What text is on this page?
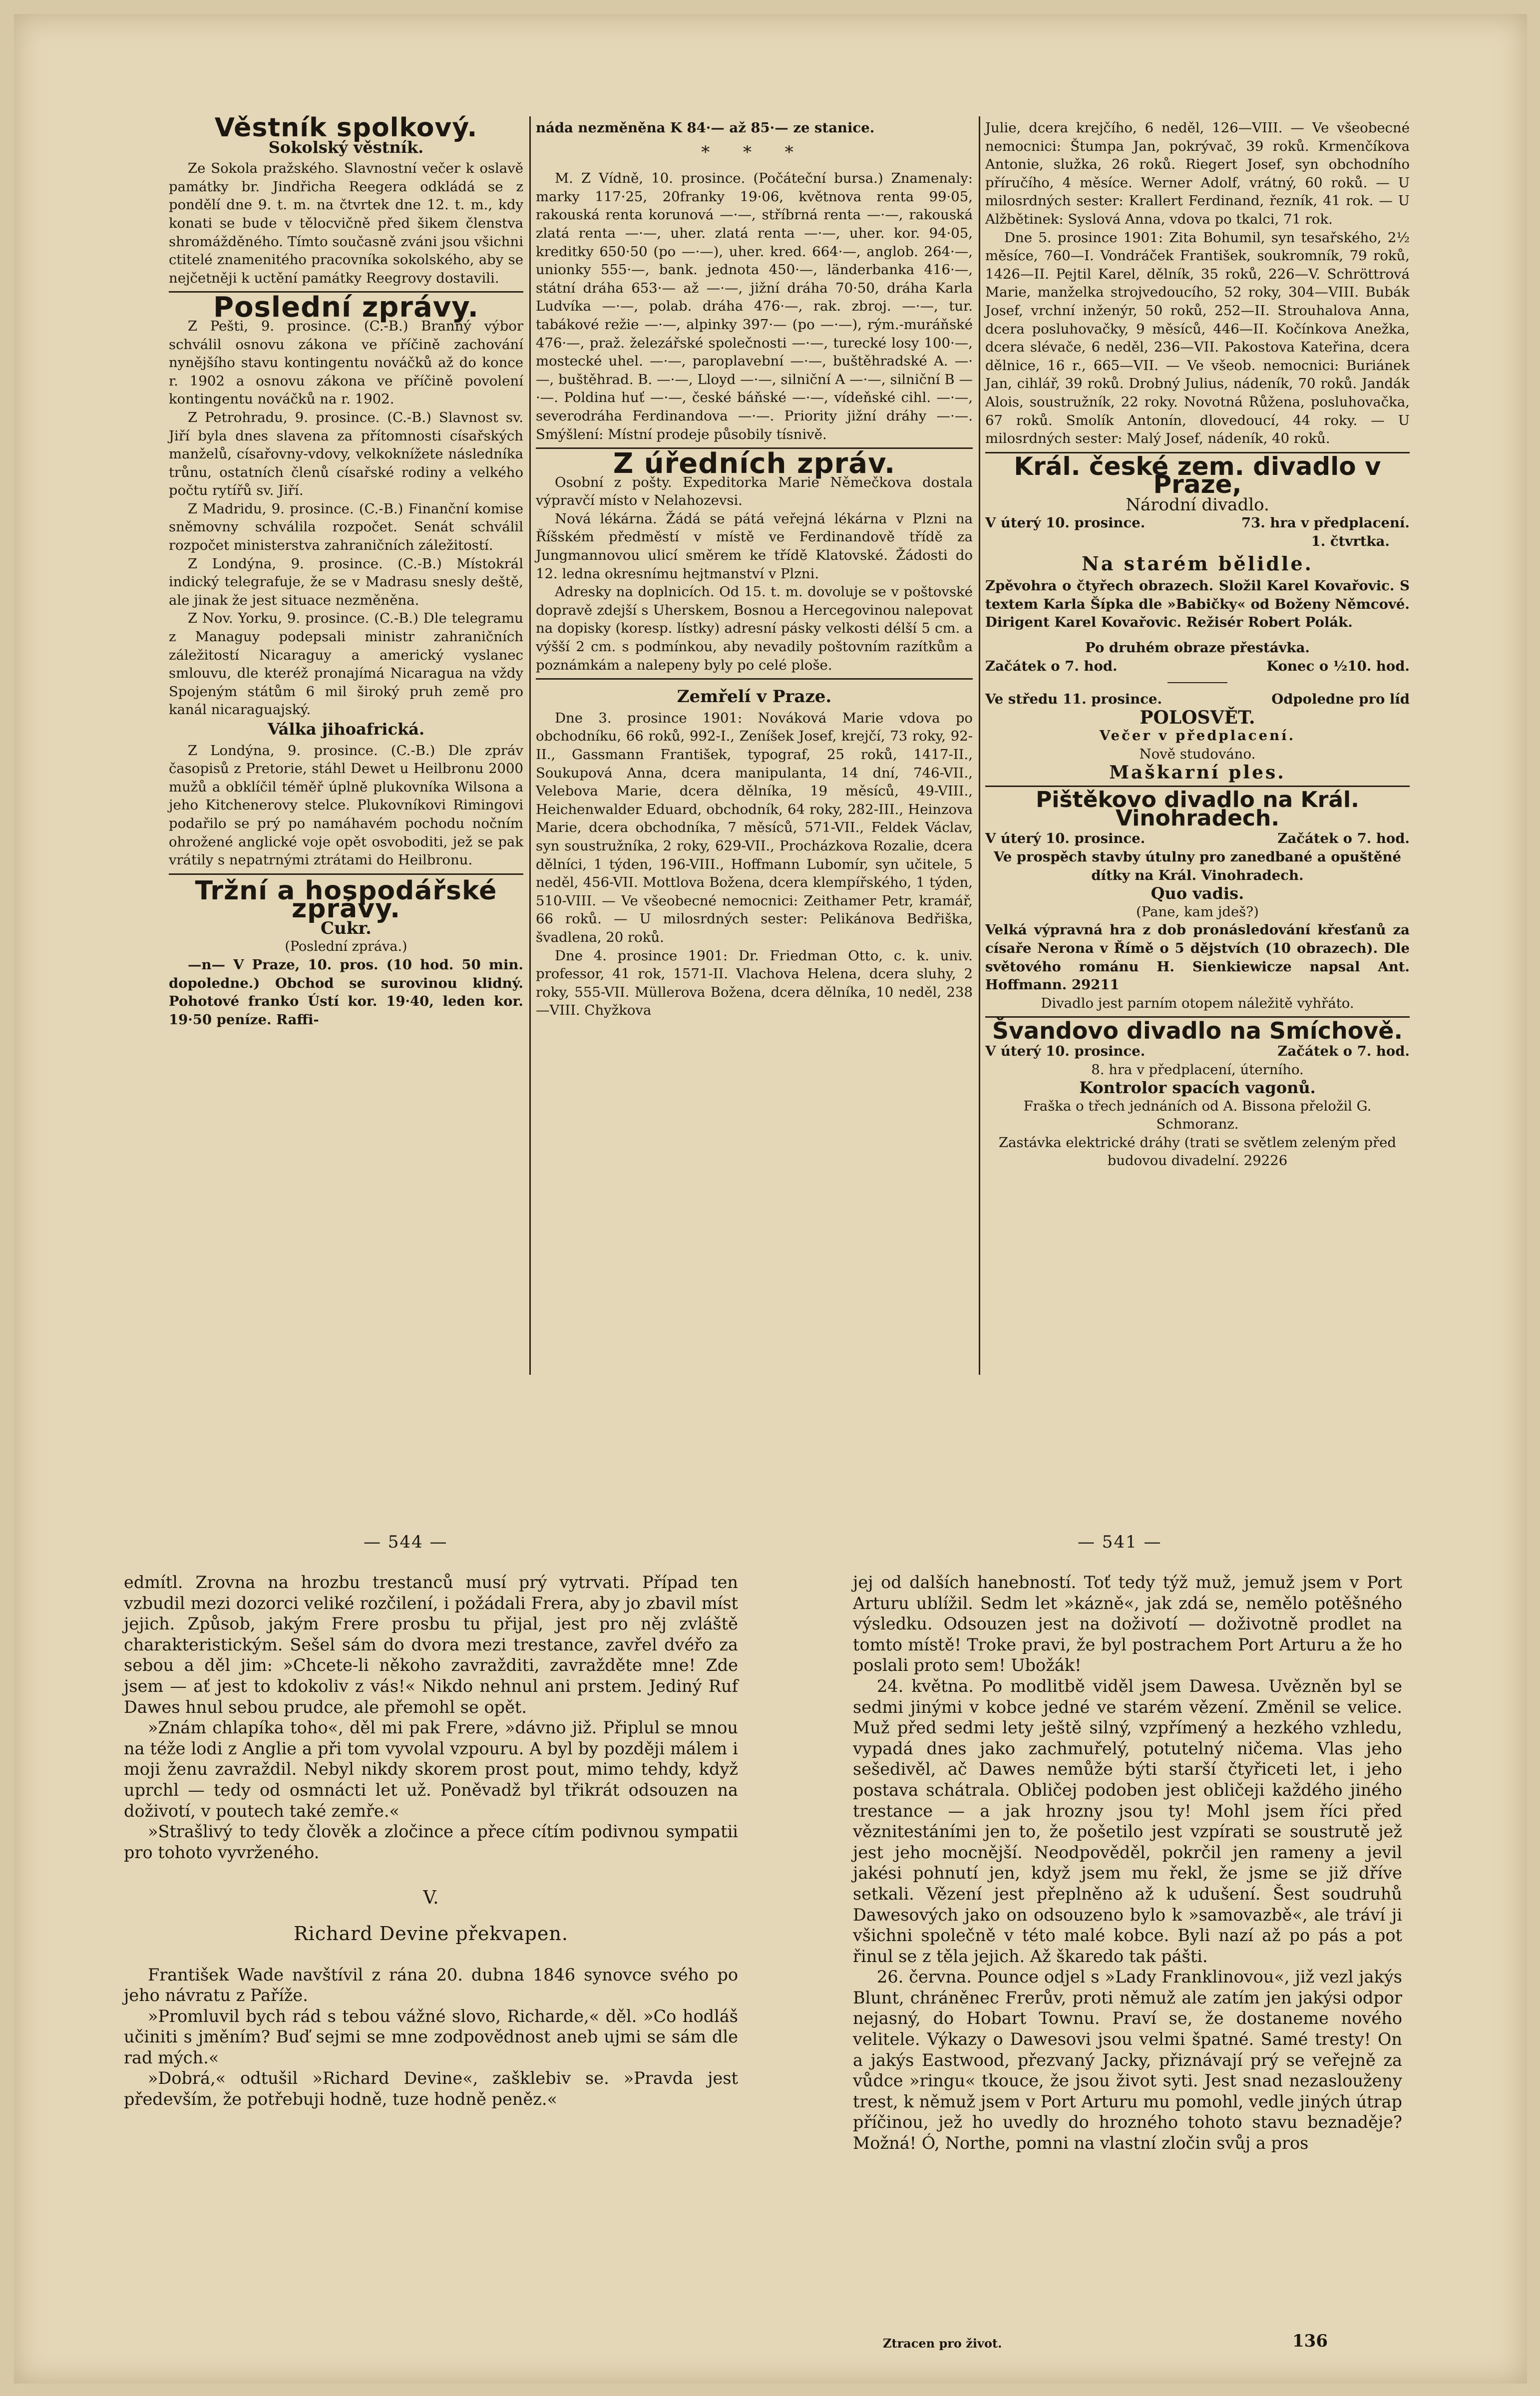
Věstník spolkový.
Sokolský věstník.

Ze Sokola pražského. Slavnostní večer k oslavě památky br. Jindřicha Reegera odkládá se z pondělí dne 9. t. m. na čtvrtek dne 12. t. m., kdy konati se bude v tělocvičně před šikem členstva shromážděného. Tímto současně zváni jsou všichni ctitelé znamenitého pracovníka sokolského, aby se nejčetněji k uctění památky Reegrovy dostavili.

Poslední zprávy.

Z Pešti, 9. prosince. (C.-B.) Branný výbor schválil osnovu zákona ve příčině zachování nynějšího stavu kontingentu nováčků až do konce r. 1902 a osnovu zákona ve příčině povolení kontingentu nováčků na r. 1902.

Z Petrohradu, 9. prosince. (C.-B.) Slavnost sv. Jiří byla dnes slavena za přítomnosti císařských manželů, císařovny-vdovy, velkoknížete následníka trůnu, ostatních členů císařské rodiny a velkého počtu rytířů sv. Jiří.

Z Madridu, 9. prosince. (C.-B.) Finanční komise sněmovny schválila rozpočet. Senát schválil rozpočet ministerstva zahraničních záležitostí.

Z Londýna, 9. prosince. (C.-B.) Místokrál indický telegrafuje, že se v Madrasu snesly deště, ale jinak že jest situace nezměněna.

Z Nov. Yorku, 9. prosince. (C.-B.) Dle telegramu z Managuy podepsali ministr zahraničních záležitostí Nicaraguy a americký vyslanec smlouvu, dle kteréž pronajímá Nicaragua na vždy Spojeným státům 6 mil široký pruh země pro kanál nicaraguajský.

Válka jihoafrická.

Z Londýna, 9. prosince. (C.-B.) Dle zpráv časopisů z Pretorie, stáhl Dewet u Heilbronu 2000 mužů a obklíčil téměř úplně plukovníka Wilsona a jeho Kitchenerovy stelce. Plukovníkovi Rimingovi podařilo se prý po namáhavém pochodu nočním ohrožené anglické voje opět osvoboditi, jež se pak vrátily s nepatrnými ztrátami do Heilbronu.

Tržní a hospodářské zprávy.
Cukr.
(Poslední zpráva.)

—n— V Praze, 10. pros. (10 hod. 50 min. dopoledne.) Obchod se surovinou klidný. Pohotové franko Ústí kor. 19·40, leden kor. 19·50 peníze. Raffi-

náda nezměněna K 84·— až 85·— ze stanice.

* * *

M. Z Vídně, 10. prosince. (Počáteční bursa.) Znamenaly: marky 117·25, 20franky 19·06, květnova renta 99·05, rakouská renta korunová —·—, stříbrná renta —·—, rakouská zlatá renta —·—, uher. zlatá renta —·—, uher. kor. 94·05, kreditky 650·50 (po —·—), uher. kred. 664·—, anglob. 264·—, unionky 555·—, bank. jednota 450·—, länderbanka 416·—, státní dráha 653·— až —·—, jižní dráha 70·50, dráha Karla Ludvíka —·—, polab. dráha 476·—, rak. zbroj. —·—, tur. tabákové režie —·—, alpinky 397·— (po —·—), rým.-muráňské 476·—, praž. železářské společnosti —·—, turecké losy 100·—, mostecké uhel. —·—, paroplavební —·—, buštěhradské A. —·—, buštěhrad. B. —·—, Lloyd —·—, silniční A —·—, silniční B —·—. Poldina huť —·—, české báňské —·—, vídeňské cihl. —·—, severodráha Ferdinandova —·—. Priority jižní dráhy —·—. Smýšlení: Místní prodeje působily tísnivě.

Z úředních zpráv.

Osobní z pošty. Expeditorka Marie Němečkova dostala výpravčí místo v Nelahozevsi.

Nová lékárna. Žádá se pátá veřejná lékárna v Plzni na Říšském předměstí v místě ve Ferdinandově třídě za Jungmannovou ulicí směrem ke třídě Klatovské. Žádosti do 12. ledna okresnímu hejtmanství v Plzni.

Adresky na doplnicích. Od 15. t. m. dovoluje se v poštovské dopravě zdejší s Uherskem, Bosnou a Hercegovinou nalepovat na dopisky (koresp. lístky) adresní pásky velkosti délší 5 cm. a výšší 2 cm. s podmínkou, aby nevadily poštovním razítkům a poznámkám a nalepeny byly po celé ploše.

Zemřelí v Praze.

Dne 3. prosince 1901: Nováková Marie vdova po obchodníku, 66 roků, 992-I., Zeníšek Josef, krejčí, 73 roky, 92-II., Gassmann František, typograf, 25 roků, 1417-II., Soukupová Anna, dcera manipulanta, 14 dní, 746-VII., Velebova Marie, dcera dělníka, 19 měsíců, 49-VIII., Heichenwalder Eduard, obchodník, 64 roky, 282-III., Heinzova Marie, dcera obchodníka, 7 měsíců, 571-VII., Feldek Václav, syn soustružníka, 2 roky, 629-VII., Procházkova Rozalie, dcera dělníci, 1 týden, 196-VIII., Hoffmann Lubomír, syn učitele, 5 neděl, 456-VII. Mottlova Božena, dcera klempířského, 1 týden, 510-VIII. — Ve všeobecné nemocnici: Zeithamer Petr, kramář, 66 roků. — U milosrdných sester: Pelikánova Bedřiška, švadlena, 20 roků.

Dne 4. prosince 1901: Dr. Friedman Otto, c. k. univ. professor, 41 rok, 1571-II. Vlachova Helena, dcera sluhy, 2 roky, 555-VII. Müllerova Božena, dcera dělníka, 10 neděl, 238—VIII. Chyžkova

Julie, dcera krejčího, 6 neděl, 126—VIII. — Ve všeobecné nemocnici: Štumpa Jan, pokrývač, 39 roků. Krmenčíkova Antonie, služka, 26 roků. Riegert Josef, syn obchodního příručího, 4 měsíce. Werner Adolf, vrátný, 60 roků. — U milosrdných sester: Krallert Ferdinand, řezník, 41 rok. — U Alžbětinek: Syslová Anna, vdova po tkalci, 71 rok.

Dne 5. prosince 1901: Zita Bohumil, syn tesařského, 2½ měsíce, 760—I. Vondráček František, soukromník, 79 roků, 1426—II. Pejtil Karel, dělník, 35 roků, 226—V. Schröttrová Marie, manželka strojvedoucího, 52 roky, 304—VIII. Bubák Josef, vrchní inženýr, 50 roků, 252—II. Strouhalova Anna, dcera posluhovačky, 9 měsíců, 446—II. Kočínkova Anežka, dcera slévače, 6 neděl, 236—VII. Pakostova Kateřina, dcera dělnice, 16 r., 665—VII. — Ve všeob. nemocnici: Buriánek Jan, cihlář, 39 roků. Drobný Julius, nádeník, 70 roků. Jandák Alois, soustružník, 22 roky. Novotná Růžena, posluhovačka, 67 roků. Smolík Antonín, dlovedoucí, 44 roky. — U milosrdných sester: Malý Josef, nádeník, 40 roků.

Král. české zem. divadlo v Praze,
Národní divadlo.
V úterý 10. prosince.	73. hra v předplacení.
1. čtvrtka.
Na starém bělidle.

Zpěvohra o čtyřech obrazech. Složil Karel Kovařovic. S textem Karla Šípka dle »Babičky« od Boženy Němcové. Dirigent Karel Kovařovic. Režisér Robert Polák.

Po druhém obraze přestávka.
Začátek o 7. hod.	Konec o ½10. hod.
Ve středu 11. prosince.	Odpoledne pro líd
POLOSVĚT.
Večer v předplacení.
Nově studováno.
Maškarní ples.
Pištěkovo divadlo na Král. Vinohradech.
V úterý 10. prosince.	Začátek o 7. hod.
Ve prospěch stavby útulny pro zanedbané a opuštěné dítky na Král. Vinohradech.
Quo vadis.
(Pane, kam jdeš?)

Velká výpravná hra z dob pronásledování křesťanů za císaře Nerona v Římě o 5 dějstvích (10 obrazech). Dle světového románu H. Sienkiewicze napsal Ant. Hoffmann. 29211

Divadlo jest parním otopem náležitě vyhřáto.
Švandovo divadlo na Smíchově.
V úterý 10. prosince.	Začátek o 7. hod.
8. hra v předplacení, úterního.
Kontrolor spacích vagonů.
Fraška o třech jednáních od A. Bissona přeložil G. Schmoranz.

Zastávka elektrické dráhy (trati se světlem zeleným před budovou divadelní. 29226

— 544 —	— 541 —

edmítl. Zrovna na hrozbu trestanců musí prý vytrvati. Případ ten vzbudil mezi dozorci veliké rozčilení, i požádali Frera, aby jo zbavil míst jejich. Způsob, jakým Frere prosbu tu přijal, jest pro něj zvláště charakteristickým. Sešel sám do dvora mezi trestance, zavřel dvéřo za sebou a děl jim: »Chcete-li někoho zavražditi, zavražděte mne! Zde jsem — ať jest to kdokoliv z vás!« Nikdo nehnul ani prstem. Jediný Ruf Dawes hnul sebou prudce, ale přemohl se opět.

»Znám chlapíka toho«, děl mi pak Frere, »dávno již. Připlul se mnou na téže lodi z Anglie a při tom vyvolal vzpouru. A byl by později málem i moji ženu zavraždil. Nebyl nikdy skorem prost pout, mimo tehdy, když uprchl — tedy od osmnácti let už. Poněvadž byl třikrát odsouzen na doživotí, v poutech také zemře.«

»Strašlivý to tedy člověk a zločince a přece cítím podivnou sympatii pro tohoto vyvrženého.

V.
Richard Devine překvapen.

František Wade navštívil z rána 20. dubna 1846 synovce svého po jeho návratu z Paříže.

»Promluvil bych rád s tebou vážné slovo, Richarde,« děl. »Co hodláš učiniti s jměním? Buď sejmi se mne zodpovědnost aneb ujmi se sám dle rad mých.«

»Dobrá,« odtušil »Richard Devine«, zašklebiv se. »Pravda jest především, že potřebuji hodně, tuze hodně peněz.«

jej od dalších hanebností. Toť tedy týž muž, jemuž jsem v Port Arturu ublížil. Sedm let »kázně«, jak zdá se, nemělo potěšného výsledku. Odsouzen jest na doživotí — doživotně prodlet na tomto místě! Troke pravi, že byl postrachem Port Arturu a že ho poslali proto sem! Ubožák!

24. května. Po modlitbě viděl jsem Dawesa. Uvězněn byl se sedmi jinými v kobce jedné ve starém vězení. Změnil se velice. Muž před sedmi lety ještě silný, vzpřímený a hezkého vzhledu, vypadá dnes jako zachmuřelý, potutelný ničema. Vlas jeho sešedivěl, ač Dawes nemůže býti starší čtyřiceti let, i jeho postava schátrala. Obličej podoben jest obličeji každého jiného trestance — a jak hrozny jsou ty! Mohl jsem říci před věznitestáními jen to, že pošetilo jest vzpírati se soustrutě jež jest jeho mocnější. Neodpověděl, pokrčil jen rameny a jevil jakési pohnutí jen, když jsem mu řekl, že jsme se již dříve setkali. Vězení jest přeplněno až k udušení. Šest soudruhů Dawesových jako on odsouzeno bylo k »samovazbě«, ale tráví ji všichni společně v této malé kobce. Byli nazí až po pás a pot řinul se z těla jejich. Až škaredo tak pášti.

26. června. Pounce odjel s »Lady Franklinovou«, již vezl jakýs Blunt, chráněnec Frerův, proti němuž ale zatím jen jakýsi odpor nejasný, do Hobart Townu. Praví se, že dostaneme nového velitele. Výkazy o Dawesovi jsou velmi špatné. Samé tresty! On a jakýs Eastwood, přezvaný Jacky, přiznávají prý se veřejně za vůdce »ringu« tkouce, že jsou život syti. Jest snad nezaslouženy trest, k němuž jsem v Port Arturu mu pomohl, vedle jiných útrap příčinou, jež ho uvedly do hrozného tohoto stavu beznaděje? Možná! Ó, Northe, pomni na vlastní zločin svůj a pros

Ztracen pro život.	136
